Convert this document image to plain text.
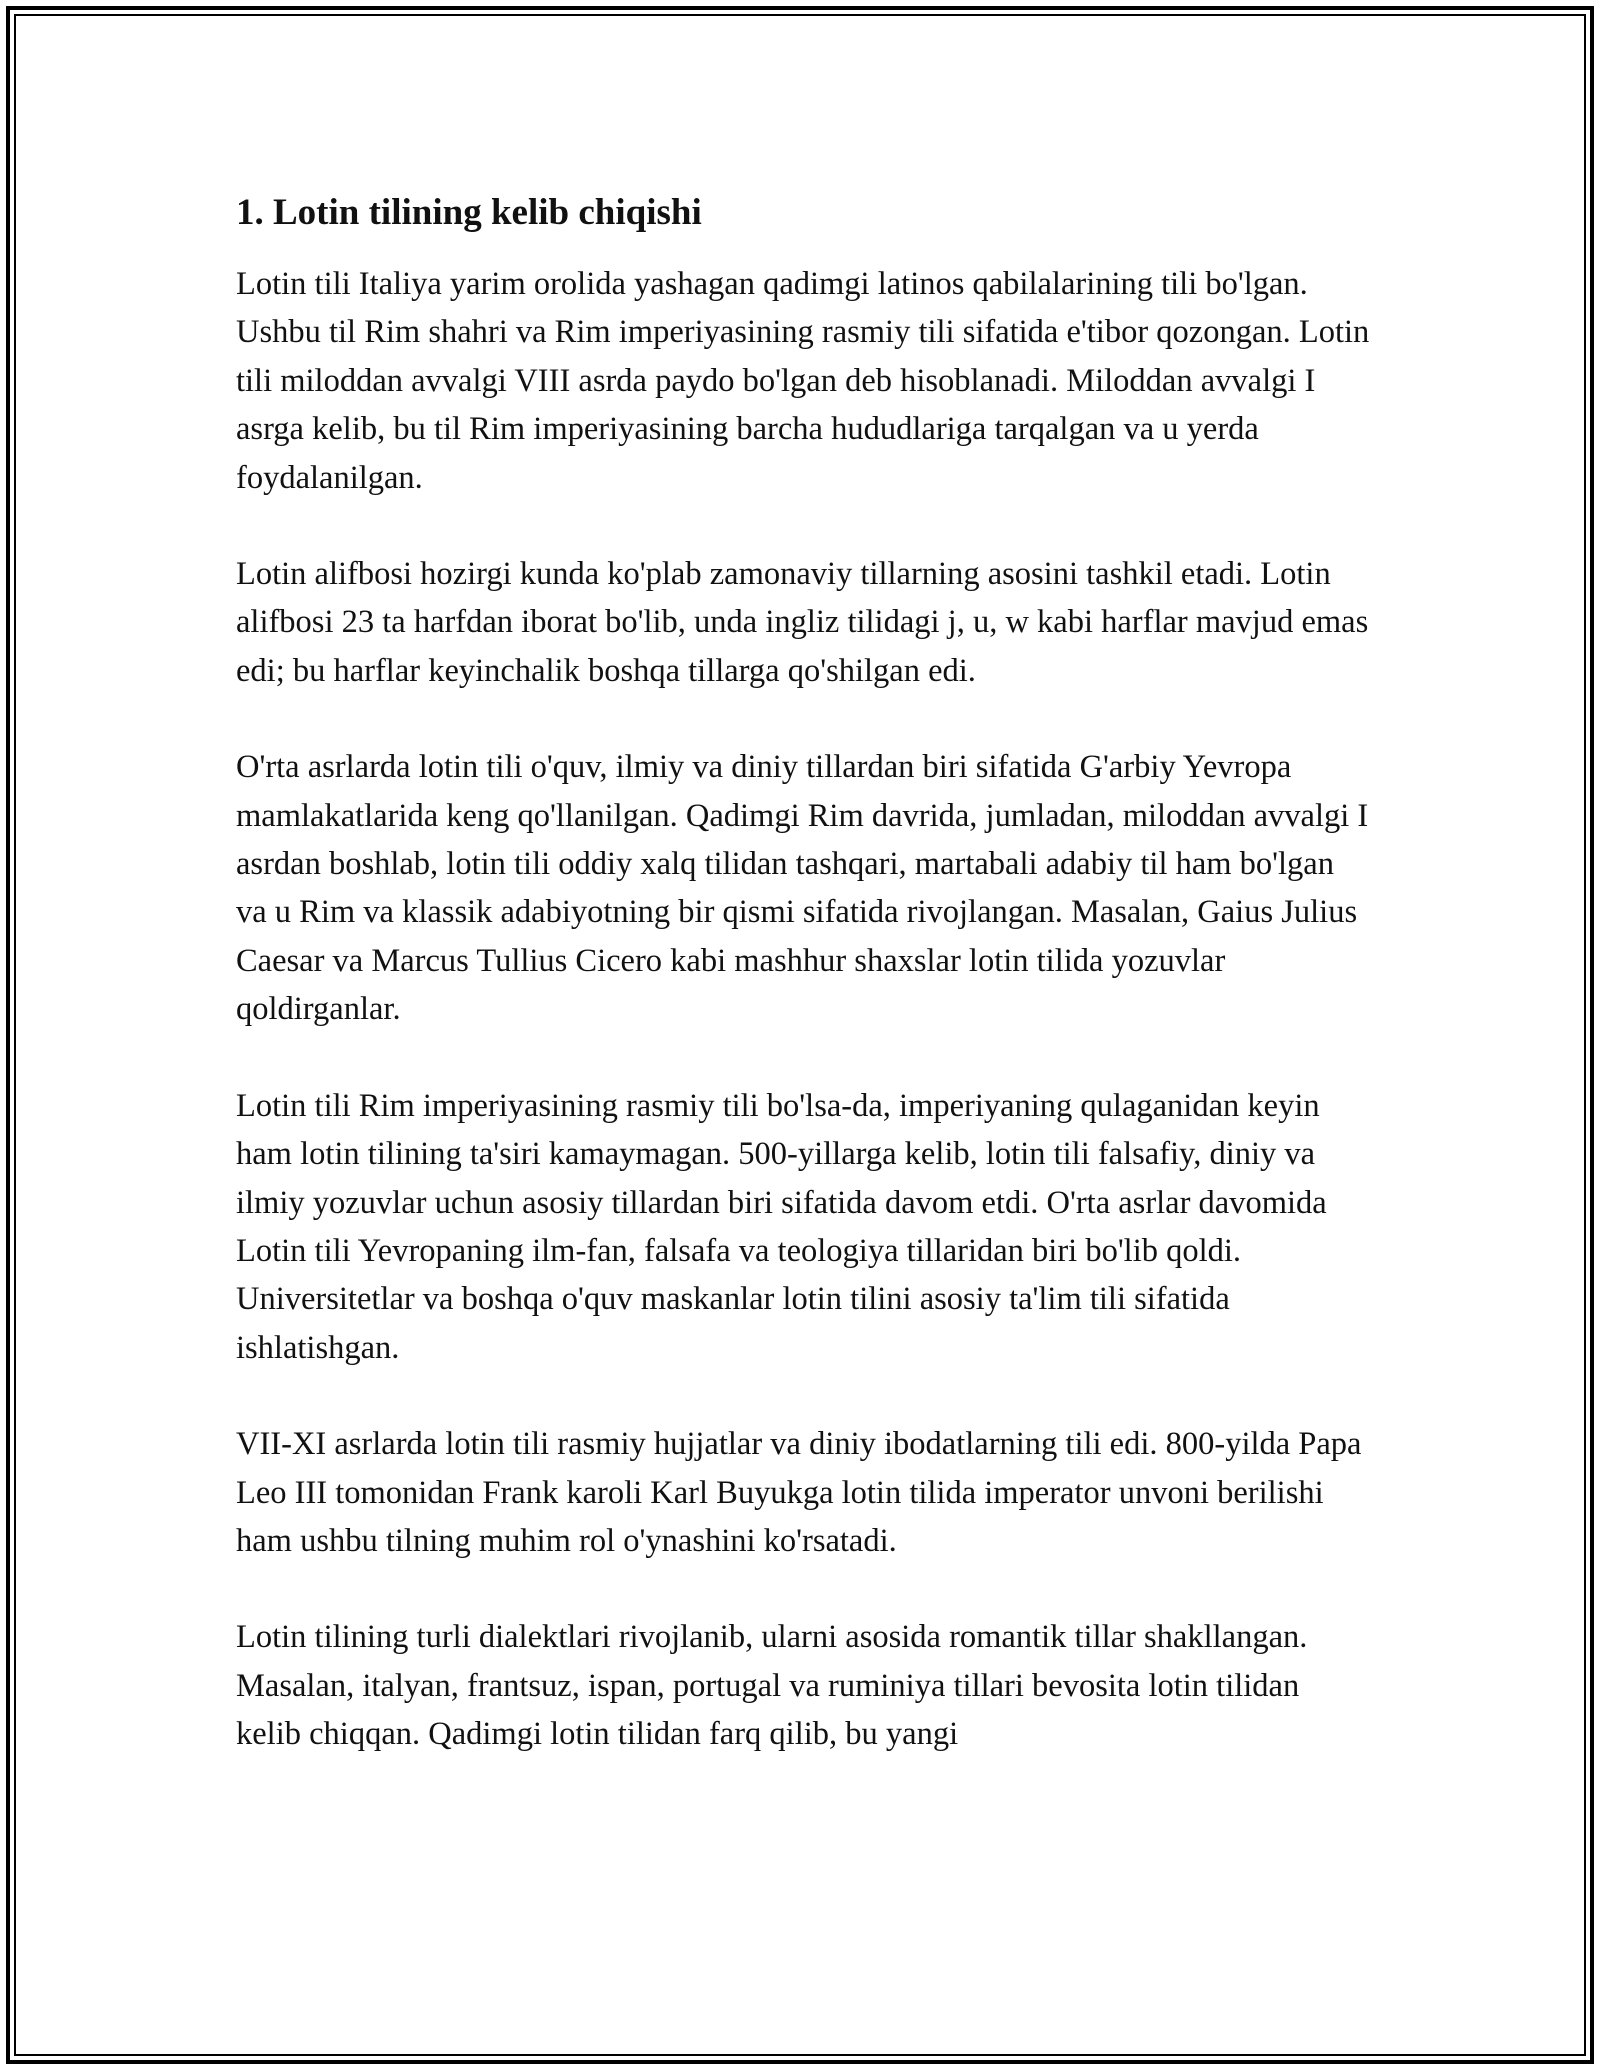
1. Lotin tilining kelib chiqishi

Lotin tili Italiya yarim orolida yashagan qadimgi latinos qabilalarining tili bo'lgan. Ushbu til Rim shahri va Rim imperiyasining rasmiy tili sifatida e'tibor qozongan. Lotin tili miloddan avvalgi VIII asrda paydo bo'lgan deb hisoblanadi. Miloddan avvalgi I asrga kelib, bu til Rim imperiyasining barcha hududlariga tarqalgan va u yerda foydalanilgan.

Lotin alifbosi hozirgi kunda ko'plab zamonaviy tillarning asosini tashkil etadi. Lotin alifbosi 23 ta harfdan iborat bo'lib, unda ingliz tilidagi j, u, w kabi harflar mavjud emas edi; bu harflar keyinchalik boshqa tillarga qo'shilgan edi.

O'rta asrlarda lotin tili o'quv, ilmiy va diniy tillardan biri sifatida G'arbiy Yevropa mamlakatlarida keng qo'llanilgan. Qadimgi Rim davrida, jumladan, miloddan avvalgi I asrdan boshlab, lotin tili oddiy xalq tilidan tashqari, martabali adabiy til ham bo'lgan va u Rim va klassik adabiyotning bir qismi sifatida rivojlangan. Masalan, Gaius Julius Caesar va Marcus Tullius Cicero kabi mashhur shaxslar lotin tilida yozuvlar qoldirganlar.

Lotin tili Rim imperiyasining rasmiy tili bo'lsa-da, imperiyaning qulaganidan keyin ham lotin tilining ta'siri kamaymagan. 500-yillarga kelib, lotin tili falsafiy, diniy va ilmiy yozuvlar uchun asosiy tillardan biri sifatida davom etdi. O'rta asrlar davomida Lotin tili Yevropaning ilm-fan, falsafa va teologiya tillaridan biri bo'lib qoldi. Universitetlar va boshqa o'quv maskanlar lotin tilini asosiy ta'lim tili sifatida ishlatishgan.

VII-XI asrlarda lotin tili rasmiy hujjatlar va diniy ibodatlarning tili edi. 800-yilda Papa Leo III tomonidan Frank karoli Karl Buyukga lotin tilida imperator unvoni berilishi ham ushbu tilning muhim rol o'ynashini ko'rsatadi.

Lotin tilining turli dialektlari rivojlanib, ularni asosida romantik tillar shakllangan. Masalan, italyan, frantsuz, ispan, portugal va ruminiya tillari bevosita lotin tilidan kelib chiqqan. Qadimgi lotin tilidan farq qilib, bu yangi
